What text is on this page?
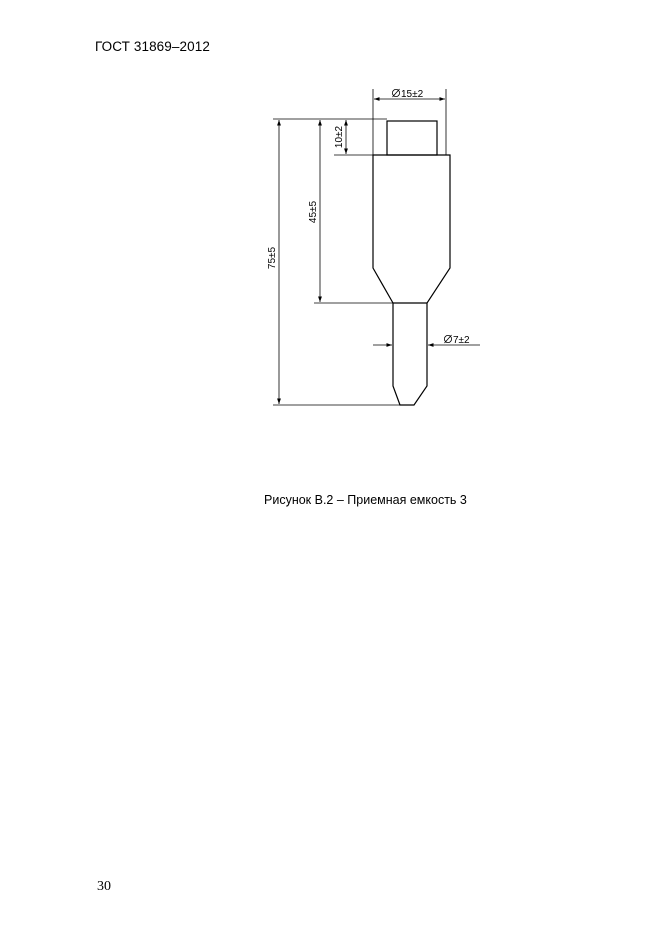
ГОСТ 31869–2012
15±2
10±2
45±5
75±5
7±2
Рисунок В.2 – Приемная емкость 3
30
